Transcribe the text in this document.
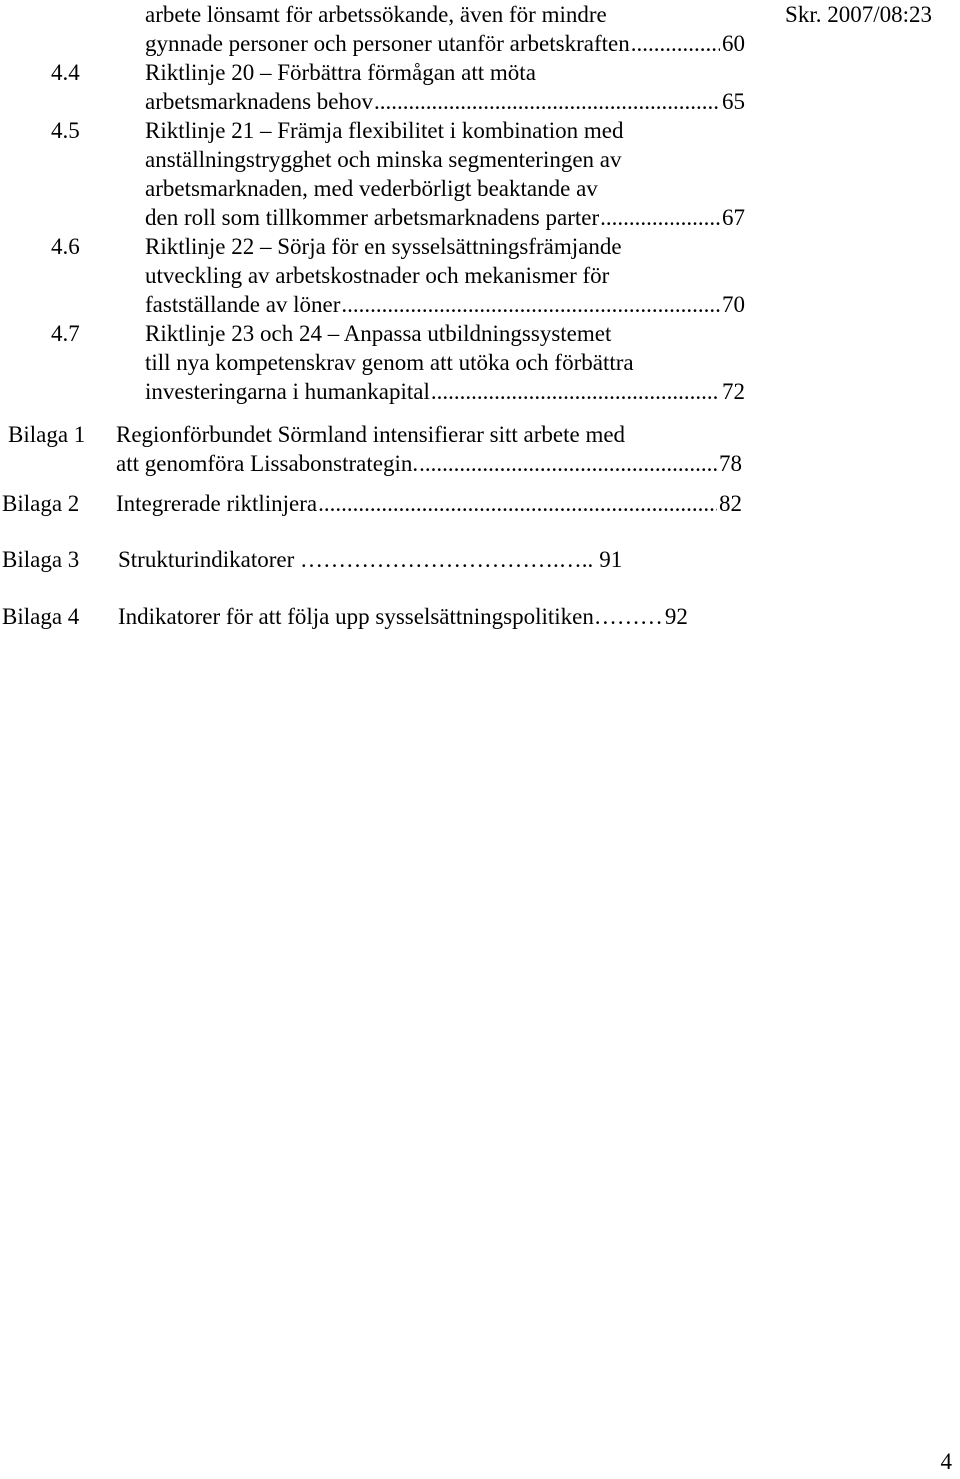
Skr. 2007/08:23
arbete lönsamt för arbetssökande, även för mindre
gynnade personer och personer utanför arbetskraften .....	60
4.4	Riktlinje 20 – Förbättra förmågan att möta
arbetsmarknadens behov .....	65
4.5	Riktlinje 21 – Främja flexibilitet i kombination med
anställningstrygghet och minska segmenteringen av
arbetsmarknaden, med vederbörligt beaktande av
den roll som tillkommer arbetsmarknadens parter .....	67
4.6	Riktlinje 22 – Sörja för en sysselsättningsfrämjande
utveckling av arbetskostnader och mekanismer för
fastställande av löner .....	70
4.7	Riktlinje 23 och 24 – Anpassa utbildningssystemet
till nya kompetenskrav genom att utöka och förbättra
investeringarna i humankapital .....	72
Bilaga 1 Regionförbundet Sörmland intensifierar sitt arbete med
att genomföra Lissabonstrategin. .....	78
Bilaga 2 Integrerade riktlinjera .....	82
Bilaga 3 Strukturindikatorer …………………………….….. 91
Bilaga 4 Indikatorer för att följa upp sysselsättningspolitiken……… 92
4
